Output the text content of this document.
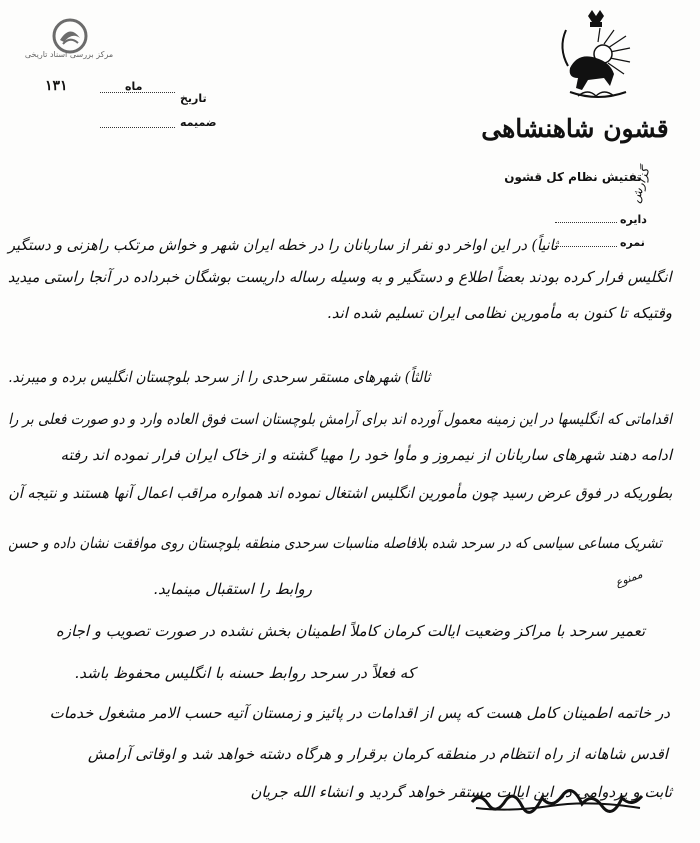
مرکز بررسی اسناد تاریخی
قشون شاهنشاهی
تفتیش نظام کل قشون
تاریخ
ماه
۱۳۱
ضمیمه
دایره
نمره
گزارش
ممنوع
ثانیاً) در این اواخر دو نفر از ساربانان را در خطه ایران شهر و خواش مرتکب راهزنی و دستگیر
انگلیس فرار کرده بودند بعضاً اطلاع و دستگیر و به وسیله رساله داریست بوشگان خبرداده در آنجا راستی میدید
وقتیکه تا کنون به مأمورین نظامی ایران تسلیم شده اند.
ثالثاً) شهرهای مستقر سرحدی را از سرحد بلوچستان انگلیس برده و میبرند.
اقداماتی که انگلیسها در این زمینه معمول آورده اند برای آرامش بلوچستان است فوق العاده وارد و دو صورت فعلی بر را
ادامه دهند شهرهای ساربانان از نیمروز و مأوا خود را مهیا گشته و از خاک ایران فرار نموده اند رفته
بطوریکه در فوق عرض رسید چون مأمورین انگلیس اشتغال نموده اند همواره مراقب اعمال آنها هستند و نتیجه آن
تشریک مساعی سیاسی که در سرحد شده بلافاصله مناسبات سرحدی منطقه بلوچستان روی موافقت نشان داده و حسن
روابط را استقبال مینماید.
تعمیر سرحد با مراکز وضعیت ایالت کرمان کاملاً اطمینان بخش نشده در صورت تصویب و اجازه
که فعلاً در سرحد روابط حسنه با انگلیس محفوظ باشد.
در خاتمه اطمینان کامل هست که پس از اقدامات در پائیز و زمستان آتیه حسب الامر مشغول خدمات
اقدس شاهانه از راه انتظام در منطقه کرمان برقرار و هرگاه دشته خواهد شد و اوقاتی آرامش
ثابت و پردوامی در این ایالت مستقر خواهد گردید و انشاء الله جریان
